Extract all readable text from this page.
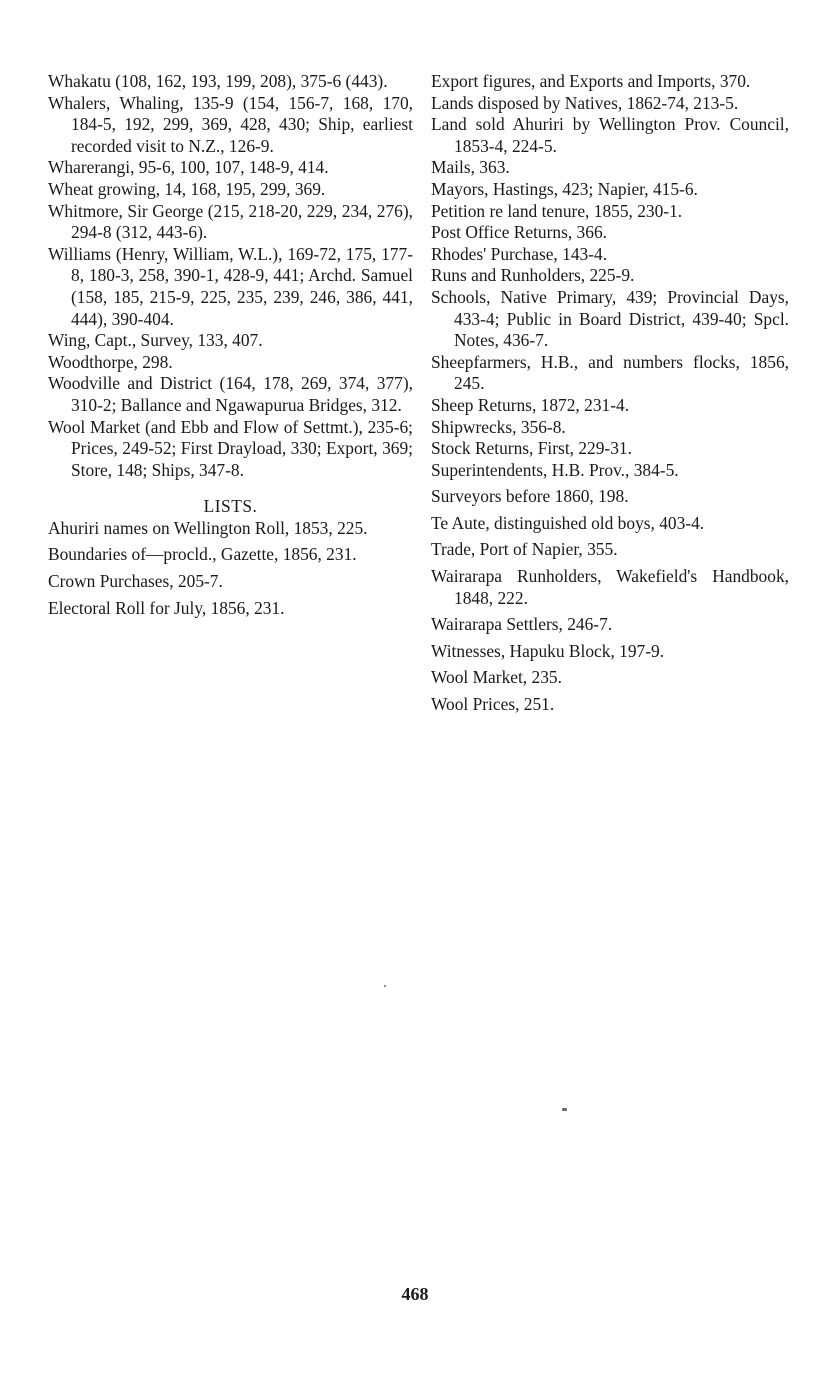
Whakatu (108, 162, 193, 199, 208), 375-6 (443).

Whalers, Whaling, 135-9 (154, 156-7, 168, 170, 184-5, 192, 299, 369, 428, 430; Ship, earliest recorded visit to N.Z., 126-9.

Wharerangi, 95-6, 100, 107, 148-9, 414.

Wheat growing, 14, 168, 195, 299, 369.

Whitmore, Sir George (215, 218-20, 229, 234, 276), 294-8 (312, 443-6).

Williams (Henry, William, W.L.), 169-72, 175, 177-8, 180-3, 258, 390-1, 428-9, 441; Archd. Samuel (158, 185, 215-9, 225, 235, 239, 246, 386, 441, 444), 390-404.

Wing, Capt., Survey, 133, 407.

Woodthorpe, 298.

Woodville and District (164, 178, 269, 374, 377), 310-2; Ballance and Ngawapurua Bridges, 312.

Wool Market (and Ebb and Flow of Settmt.), 235-6; Prices, 249-52; First Drayload, 330; Export, 369; Store, 148; Ships, 347-8.

LISTS.

Ahuriri names on Wellington Roll, 1853, 225.

Boundaries of—procld., Gazette, 1856, 231.

Crown Purchases, 205-7.

Electoral Roll for July, 1856, 231.

Export figures, and Exports and Imports, 370.

Lands disposed by Natives, 1862-74, 213-5.

Land sold Ahuriri by Wellington Prov. Council, 1853-4, 224-5.

Mails, 363.

Mayors, Hastings, 423; Napier, 415-6.

Petition re land tenure, 1855, 230-1.

Post Office Returns, 366.

Rhodes' Purchase, 143-4.

Runs and Runholders, 225-9.

Schools, Native Primary, 439; Provincial Days, 433-4; Public in Board District, 439-40; Spcl. Notes, 436-7.

Sheepfarmers, H.B., and numbers flocks, 1856, 245.

Sheep Returns, 1872, 231-4.

Shipwrecks, 356-8.

Stock Returns, First, 229-31.

Superintendents, H.B. Prov., 384-5.

Surveyors before 1860, 198.

Te Aute, distinguished old boys, 403-4.

Trade, Port of Napier, 355.

Wairarapa Runholders, Wakefield's Handbook, 1848, 222.

Wairarapa Settlers, 246-7.

Witnesses, Hapuku Block, 197-9.

Wool Market, 235.

Wool Prices, 251.

468
